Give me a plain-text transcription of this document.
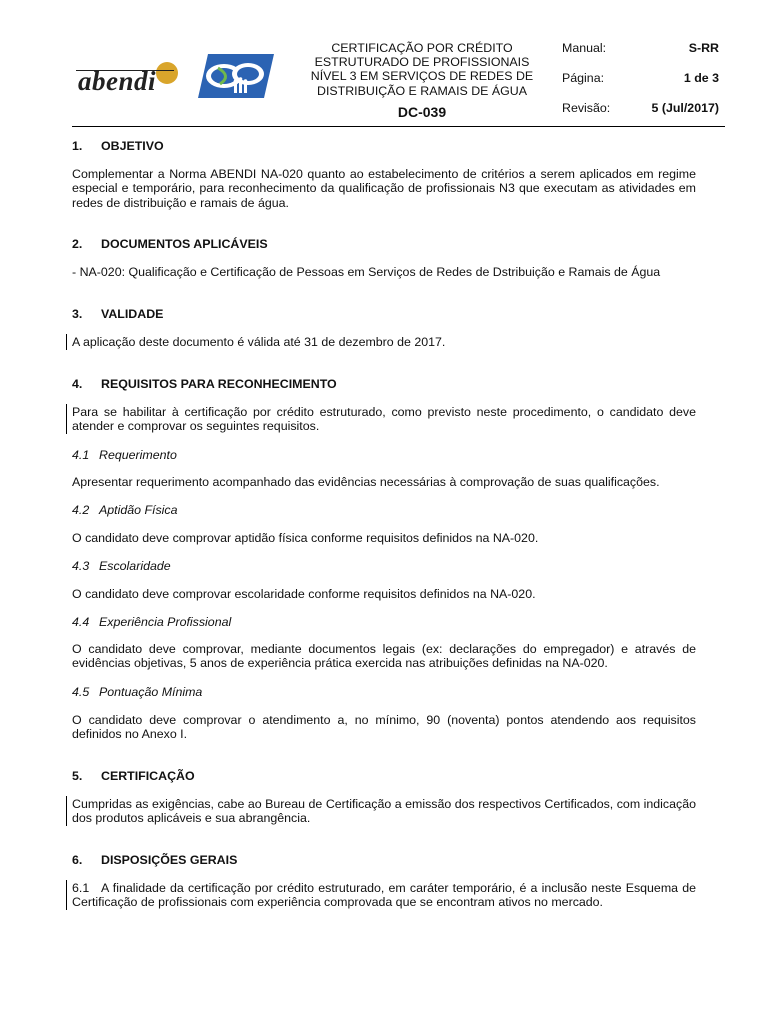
abendi
CERTIFICAÇÃO POR CRÉDITO
ESTRUTURADO DE PROFISSIONAIS
NÍVEL 3 EM SERVIÇOS DE REDES DE
DISTRIBUIÇÃO E RAMAIS DE ÁGUA
DC-039
Manual:	S-RR
Página:	1 de 3
Revisão:	5 (Jul/2017)
1. OBJETIVO
Complementar a Norma ABENDI NA-020 quanto ao estabelecimento de critérios a serem aplicados em regime especial e temporário, para reconhecimento da qualificação de profissionais N3 que executam as atividades em redes de distribuição e ramais de água.
2. DOCUMENTOS APLICÁVEIS
- NA-020: Qualificação e Certificação de Pessoas em Serviços de Redes de Dstribuição e Ramais de Água
3. VALIDADE
A aplicação deste documento é válida até 31 de dezembro de 2017.
4. REQUISITOS PARA RECONHECIMENTO
Para se habilitar à certificação por crédito estruturado, como previsto neste procedimento, o candidato deve atender e comprovar os seguintes requisitos.
4.1 Requerimento
Apresentar requerimento acompanhado das evidências necessárias à comprovação de suas qualificações.
4.2 Aptidão Física
O candidato deve comprovar aptidão física conforme requisitos definidos na NA-020.
4.3 Escolaridade
O candidato deve comprovar escolaridade conforme requisitos definidos na NA-020.
4.4 Experiência Profissional
O candidato deve comprovar, mediante documentos legais (ex: declarações do empregador) e através de evidências objetivas, 5 anos de experiência prática exercida nas atribuições definidas na NA-020.
4.5 Pontuação Mínima
O candidato deve comprovar o atendimento a, no mínimo, 90 (noventa) pontos atendendo aos requisitos definidos no Anexo I.
5. CERTIFICAÇÃO
Cumpridas as exigências, cabe ao Bureau de Certificação a emissão dos respectivos Certificados, com indicação dos produtos aplicáveis e sua abrangência.
6. DISPOSIÇÕES GERAIS
6.1   A finalidade da certificação por crédito estruturado, em caráter temporário, é a inclusão neste Esquema de Certificação de profissionais com experiência comprovada que se encontram ativos no mercado.
